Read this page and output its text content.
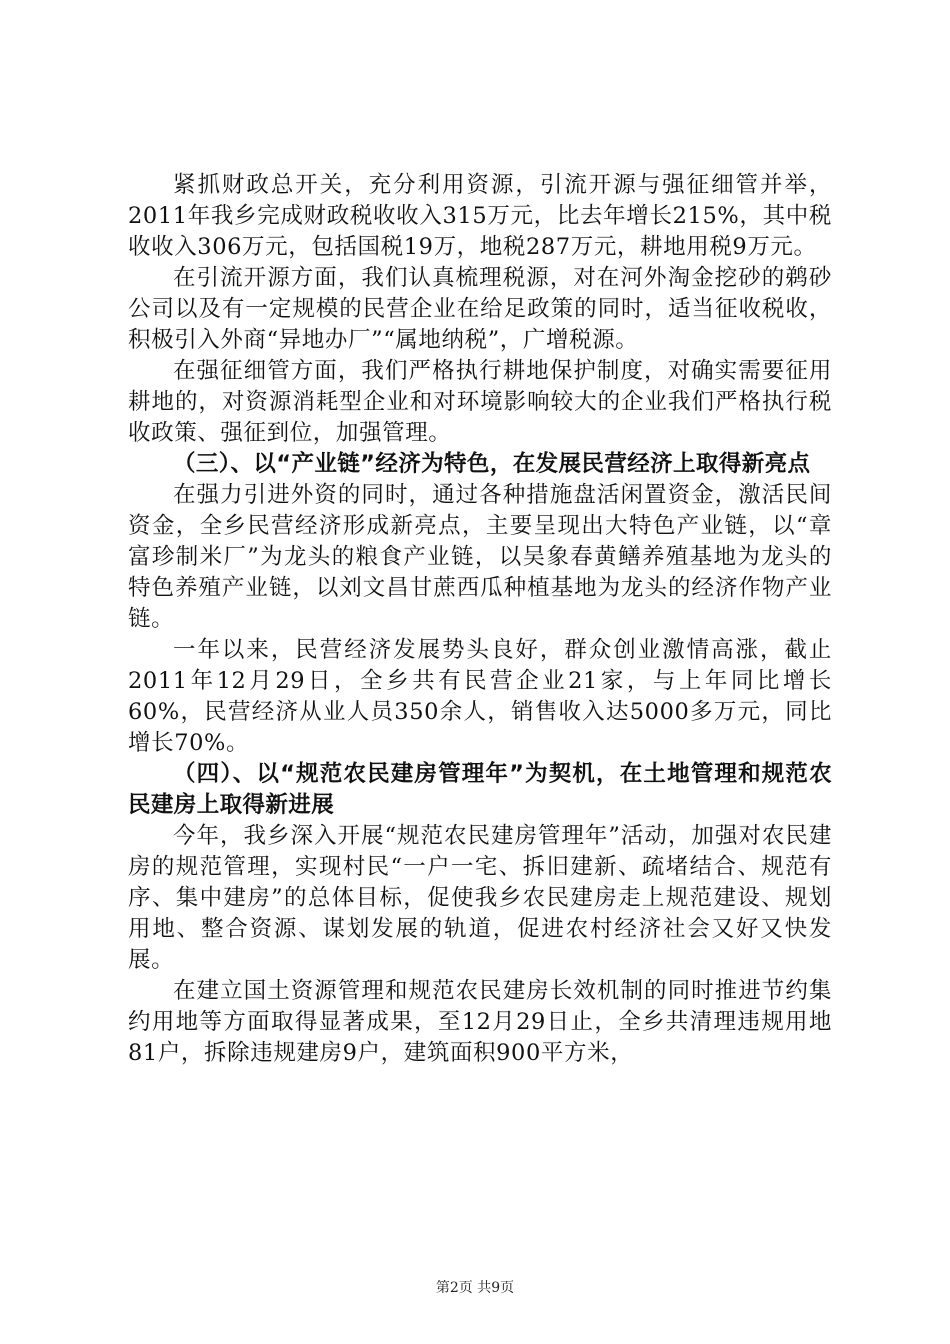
紧抓财政总开关，充分利用资源，引流开源与强征细管并举，2011年我乡完成财政税收收入315万元，比去年增长215%，其中税收收入306万元，包括国税19万，地税287万元，耕地用税9万元。

在引流开源方面，我们认真梳理税源，对在河外淘金挖砂的鹈砂公司以及有一定规模的民营企业在给足政策的同时，适当征收税收，积极引入外商“异地办厂”“属地纳税”，广增税源。

在强征细管方面，我们严格执行耕地保护制度，对确实需要征用耕地的，对资源消耗型企业和对环境影响较大的企业我们严格执行税收政策、强征到位，加强管理。

（三）、以“产业链”经济为特色，在发展民营经济上取得新亮点

在强力引进外资的同时，通过各种措施盘活闲置资金，激活民间资金，全乡民营经济形成新亮点，主要呈现出大特色产业链，以“章富珍制米厂”为龙头的粮食产业链，以吴象春黄鳝养殖基地为龙头的特色养殖产业链，以刘文昌甘蔗西瓜种植基地为龙头的经济作物产业链。

一年以来，民营经济发展势头良好，群众创业激情高涨，截止2011年12月29日，全乡共有民营企业21家，与上年同比增长60%，民营经济从业人员350余人，销售收入达5000多万元，同比增长70%。

（四）、以“规范农民建房管理年”为契机，在土地管理和规范农民建房上取得新进展

今年，我乡深入开展“规范农民建房管理年”活动，加强对农民建房的规范管理，实现村民“一户一宅、拆旧建新、疏堵结合、规范有序、集中建房”的总体目标，促使我乡农民建房走上规范建设、规划用地、整合资源、谋划发展的轨道，促进农村经济社会又好又快发展。

在建立国土资源管理和规范农民建房长效机制的同时推进节约集约用地等方面取得显著成果，至12月29日止，全乡共清理违规用地81户，拆除违规建房9户，建筑面积900平方米，

第2页 共9页
